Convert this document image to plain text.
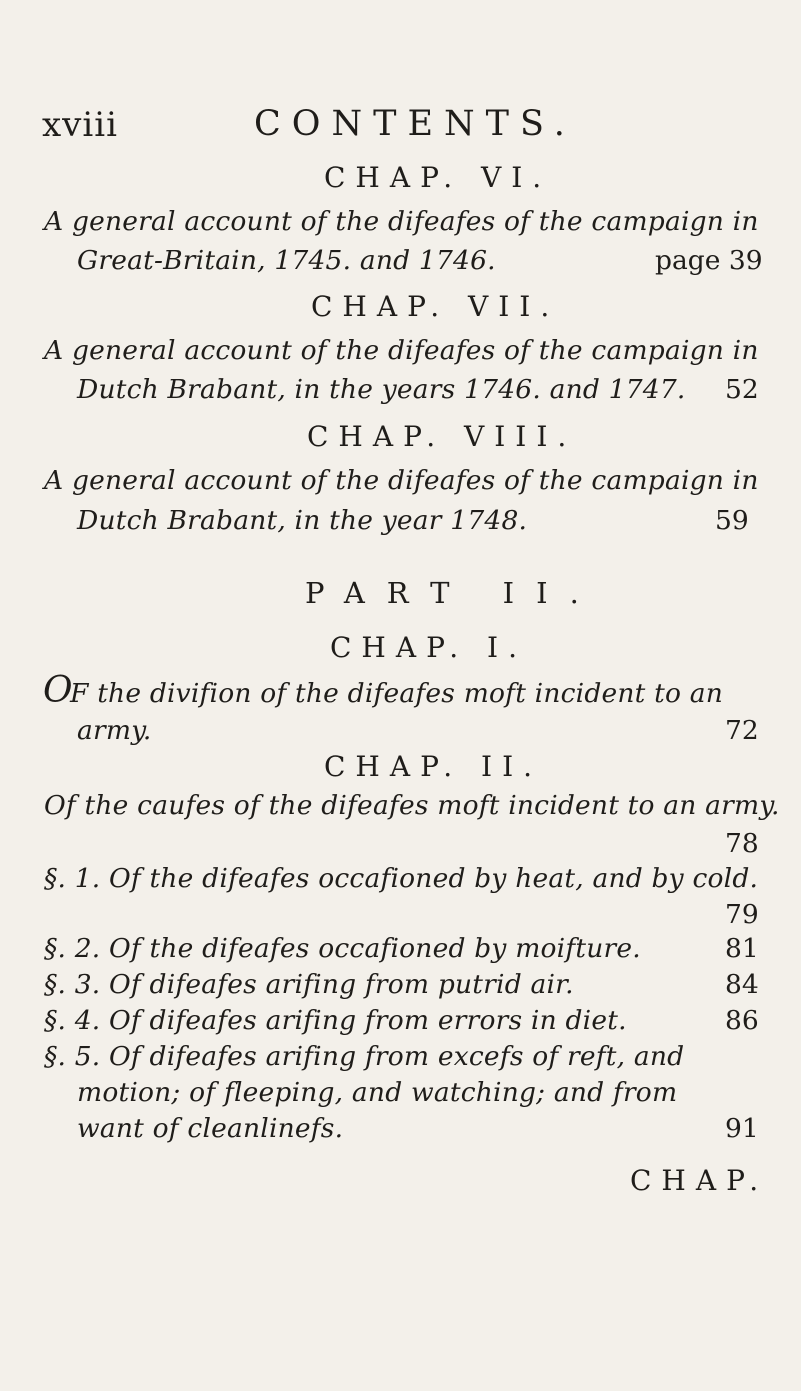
xviii	CONTENTS.
CHAP. VI.
A general account of the difeafes of the campaign in
Great-Britain, 1745. and 1746.	page 39
CHAP. VII.
A general account of the difeafes of the campaign in
Dutch Brabant, in the years 1746. and 1747. 52
CHAP. VIII.
A general account of the difeafes of the campaign in
Dutch Brabant, in the year 1748.	59
PART II.
CHAP. I.
O
F the divifion of the difeafes moft incident to an
army.	72
CHAP. II.
Of the caufes of the difeafes moft incident to an army.
78
§. 1. Of the difeafes occafioned by heat, and by cold.
79
§. 2. Of the difeafes occafioned by moifture.	81
§. 3. Of difeafes arifing from putrid air.	84
§. 4. Of difeafes arifing from errors in diet.	86
§. 5. Of difeafes arifing from excefs of reft, and
motion; of fleeping, and watching; and from
want of cleanlinefs.	91
CHAP.
